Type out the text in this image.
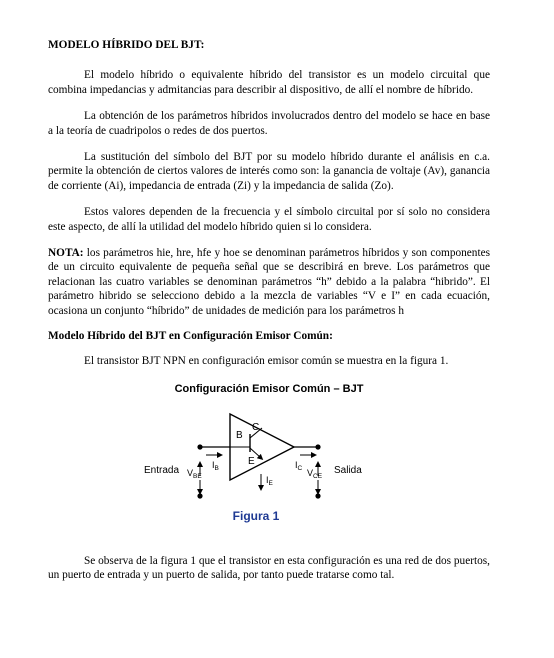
MODELO HÍBRIDO DEL BJT:

El modelo híbrido o equivalente híbrido del transistor es un modelo circuital que combina impedancias y admitancias para describir al dispositivo, de allí el nombre de híbrido.

La obtención de los parámetros híbridos involucrados dentro del modelo se hace en base a la teoría de cuadripolos o redes de dos puertos.

La sustitución del símbolo del BJT por su modelo híbrido durante el análisis en c.a. permite la obtención de ciertos valores de interés como son: la ganancia de voltaje (Av), ganancia de corriente (Ai), impedancia de entrada (Zi) y la impedancia de salida (Zo).

Estos valores dependen de la frecuencia y el símbolo circuital por sí solo no considera este aspecto, de allí la utilidad del modelo híbrido quien si lo considera.

NOTA: los parámetros hie, hre, hfe y hoe se denominan parámetros híbridos y son componentes de un circuito equivalente de pequeña señal que se describirá en breve. Los parámetros que relacionan las cuatro variables se denominan parámetros “h” debido a la palabra “hibrido”. El parámetro hibrido se selecciono debido a la mezcla de variables “V e I” en cada ecuación, ocasiona un conjunto “híbrido” de unidades de medición para los parámetros h

Modelo Híbrido del BJT en Configuración Emisor Común:

El transistor BJT NPN en configuración emisor común se muestra en la figura 1.

Configuración Emisor Común – BJT
B
C
E
$I_B$	$I_C$
$I_E$
Entrada $V_{BE}$	$V_{CE}$
Salida
Figura 1

Se observa de la figura 1 que el transistor en esta configuración es una red de dos puertos, un puerto de entrada y un puerto de salida, por tanto puede tratarse como tal.
